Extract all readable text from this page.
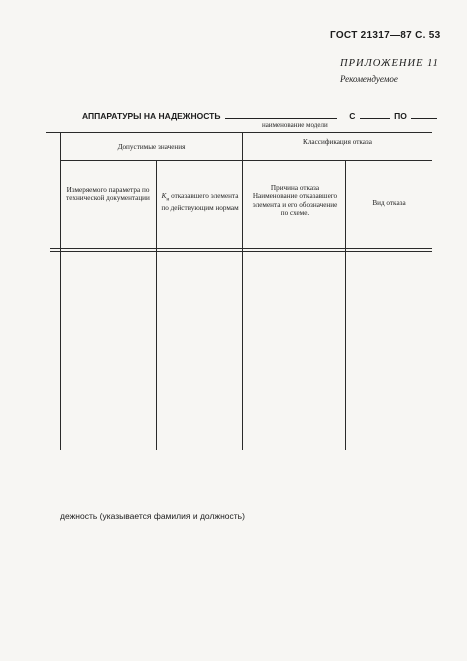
ГОСТ 21317—87 С. 53
ПРИЛОЖЕНИЕ 11
Рекомендуемое
АППАРАТУРЫ НА НАДЕЖНОСТЬ	С	ПО
наименование модели
Допустимые значения
Классификация отказа
Измеряемого параметра по технической документации $K_н$ отказавшего элемента по действующим нормам
Причина отказа Наименование отказавшего элемента и его обозначение по схеме.
Вид отказа
дежность (указывается фамилия и должность)
